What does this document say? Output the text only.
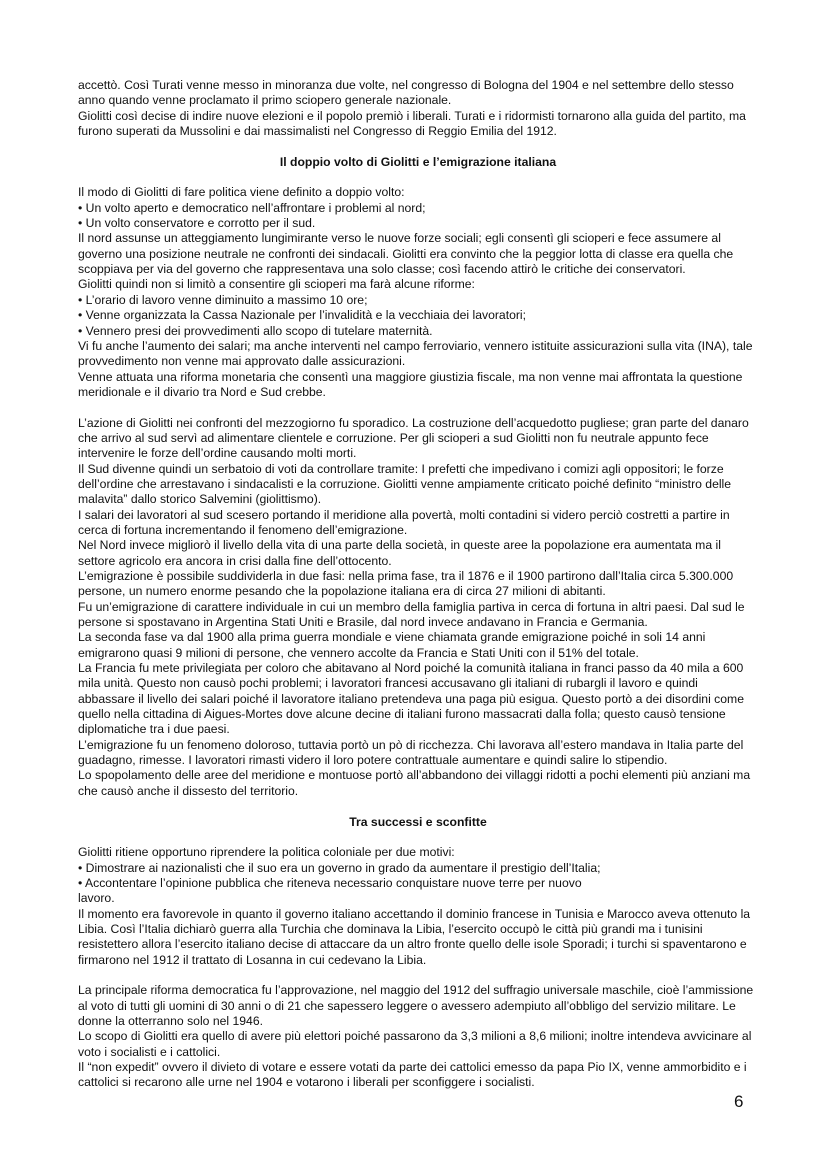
accettò. Così Turati venne messo in minoranza due volte, nel congresso di Bologna del 1904 e nel settembre dello stesso anno quando venne proclamato il primo sciopero generale nazionale.

Giolitti così decise di indire nuove elezioni e il popolo premiò i liberali. Turati e i ridormisti tornarono alla guida del partito, ma furono superati da Mussolini e dai massimalisti nel Congresso di Reggio Emilia del 1912.

Il doppio volto di Giolitti e l’emigrazione italiana

Il modo di Giolitti di fare politica viene definito a doppio volto:

• Un volto aperto e democratico nell’affrontare i problemi al nord;

• Un volto conservatore e corrotto per il sud.

Il nord assunse un atteggiamento lungimirante verso le nuove forze sociali; egli consentì gli scioperi e fece assumere al governo una posizione neutrale ne confronti dei sindacali. Giolitti era convinto che la peggior lotta di classe era quella che scoppiava per via del governo che rappresentava una solo classe; così facendo attirò le critiche dei conservatori.

Giolitti quindi non si limitò a consentire gli scioperi ma farà alcune riforme:

• L’orario di lavoro venne diminuito a massimo 10 ore;

• Venne organizzata la Cassa Nazionale per l’invalidità e la vecchiaia dei lavoratori;

• Vennero presi dei provvedimenti allo scopo di tutelare maternità.

Vi fu anche l’aumento dei salari; ma anche interventi nel campo ferroviario, vennero istituite assicurazioni sulla vita (INA), tale provvedimento non venne mai approvato dalle assicurazioni.

Venne attuata una riforma monetaria che consentì una maggiore giustizia fiscale, ma non venne mai affrontata la questione meridionale e il divario tra Nord e Sud crebbe.

L’azione di Giolitti nei confronti del mezzogiorno fu sporadico. La costruzione dell’acquedotto pugliese; gran parte del danaro che arrivo al sud servì ad alimentare clientele e corruzione. Per gli scioperi a sud Giolitti non fu neutrale appunto fece intervenire le forze dell’ordine causando molti morti.

Il Sud divenne quindi un serbatoio di voti da controllare tramite: I prefetti che impedivano i comizi agli oppositori; le forze dell’ordine che arrestavano i sindacalisti e la corruzione. Giolitti venne ampiamente criticato poiché definito “ministro delle malavita” dallo storico Salvemini (giolittismo).

I salari dei lavoratori al sud scesero portando il meridione alla povertà, molti contadini si videro perciò costretti a partire in cerca di fortuna incrementando il fenomeno dell’emigrazione.

Nel Nord invece migliorò il livello della vita di una parte della società, in queste aree la popolazione era aumentata ma il settore agricolo era ancora in crisi dalla fine dell’ottocento.

L’emigrazione è possibile suddividerla in due fasi: nella prima fase, tra il 1876 e il 1900 partirono dall’Italia circa 5.300.000 persone, un numero enorme pesando che la popolazione italiana era di circa 27 milioni di abitanti.

Fu un’emigrazione di carattere individuale in cui un membro della famiglia partiva in cerca di fortuna in altri paesi. Dal sud le persone si spostavano in Argentina Stati Uniti e Brasile, dal nord invece andavano in Francia e Germania.

La seconda fase va dal 1900 alla prima guerra mondiale e viene chiamata grande emigrazione poiché in soli 14 anni emigrarono quasi 9 milioni di persone, che vennero accolte da Francia e Stati Uniti con il 51% del totale.

La Francia fu mete privilegiata per coloro che abitavano al Nord poiché la comunità italiana in franci passo da 40 mila a 600 mila unità. Questo non causò pochi problemi; i lavoratori francesi accusavano gli italiani di rubargli il lavoro e quindi abbassare il livello dei salari poiché il lavoratore italiano pretendeva una paga più esigua. Questo portò a dei disordini come quello nella cittadina di Aigues-Mortes dove alcune decine di italiani furono massacrati dalla folla; questo causò tensione diplomatiche tra i due paesi.

L’emigrazione fu un fenomeno doloroso, tuttavia portò un pò di ricchezza. Chi lavorava all’estero mandava in Italia parte del guadagno, rimesse. I lavoratori rimasti videro il loro potere contrattuale aumentare e quindi salire lo stipendio.

Lo spopolamento delle aree del meridione e montuose portò all’abbandono dei villaggi ridotti a pochi elementi più anziani ma che causò anche il dissesto del territorio.

Tra successi e sconfitte

Giolitti ritiene opportuno riprendere la politica coloniale per due motivi:

• Dimostrare ai nazionalisti che il suo era un governo in grado da aumentare il prestigio dell’Italia;

• Accontentare l’opinione pubblica che riteneva necessario conquistare nuove terre per nuovo lavoro.

Il momento era favorevole in quanto il governo italiano accettando il dominio francese in Tunisia e Marocco aveva ottenuto la Libia. Così l’Italia dichiarò guerra alla Turchia che dominava la Libia, l’esercito occupò le città più grandi ma i tunisini resistettero allora l’esercito italiano decise di attaccare da un altro fronte quello delle isole Sporadi; i turchi si spaventarono e firmarono nel 1912 il trattato di Losanna in cui cedevano la Libia.

La principale riforma democratica fu l’approvazione, nel maggio del 1912 del suffragio universale maschile, cioè l’ammissione al voto di tutti gli uomini di 30 anni o di 21 che sapessero leggere o avessero adempiuto all’obbligo del servizio militare. Le donne la otterranno solo nel 1946.

Lo scopo di Giolitti era quello di avere più elettori poiché passarono da 3,3 milioni a 8,6 milioni; inoltre intendeva avvicinare al voto i socialisti e i cattolici.

Il “non expedit” ovvero il divieto di votare e essere votati da parte dei cattolici emesso da papa Pio IX, venne ammorbidito e i cattolici si recarono alle urne nel 1904 e votarono i liberali per sconfiggere i socialisti.

6
